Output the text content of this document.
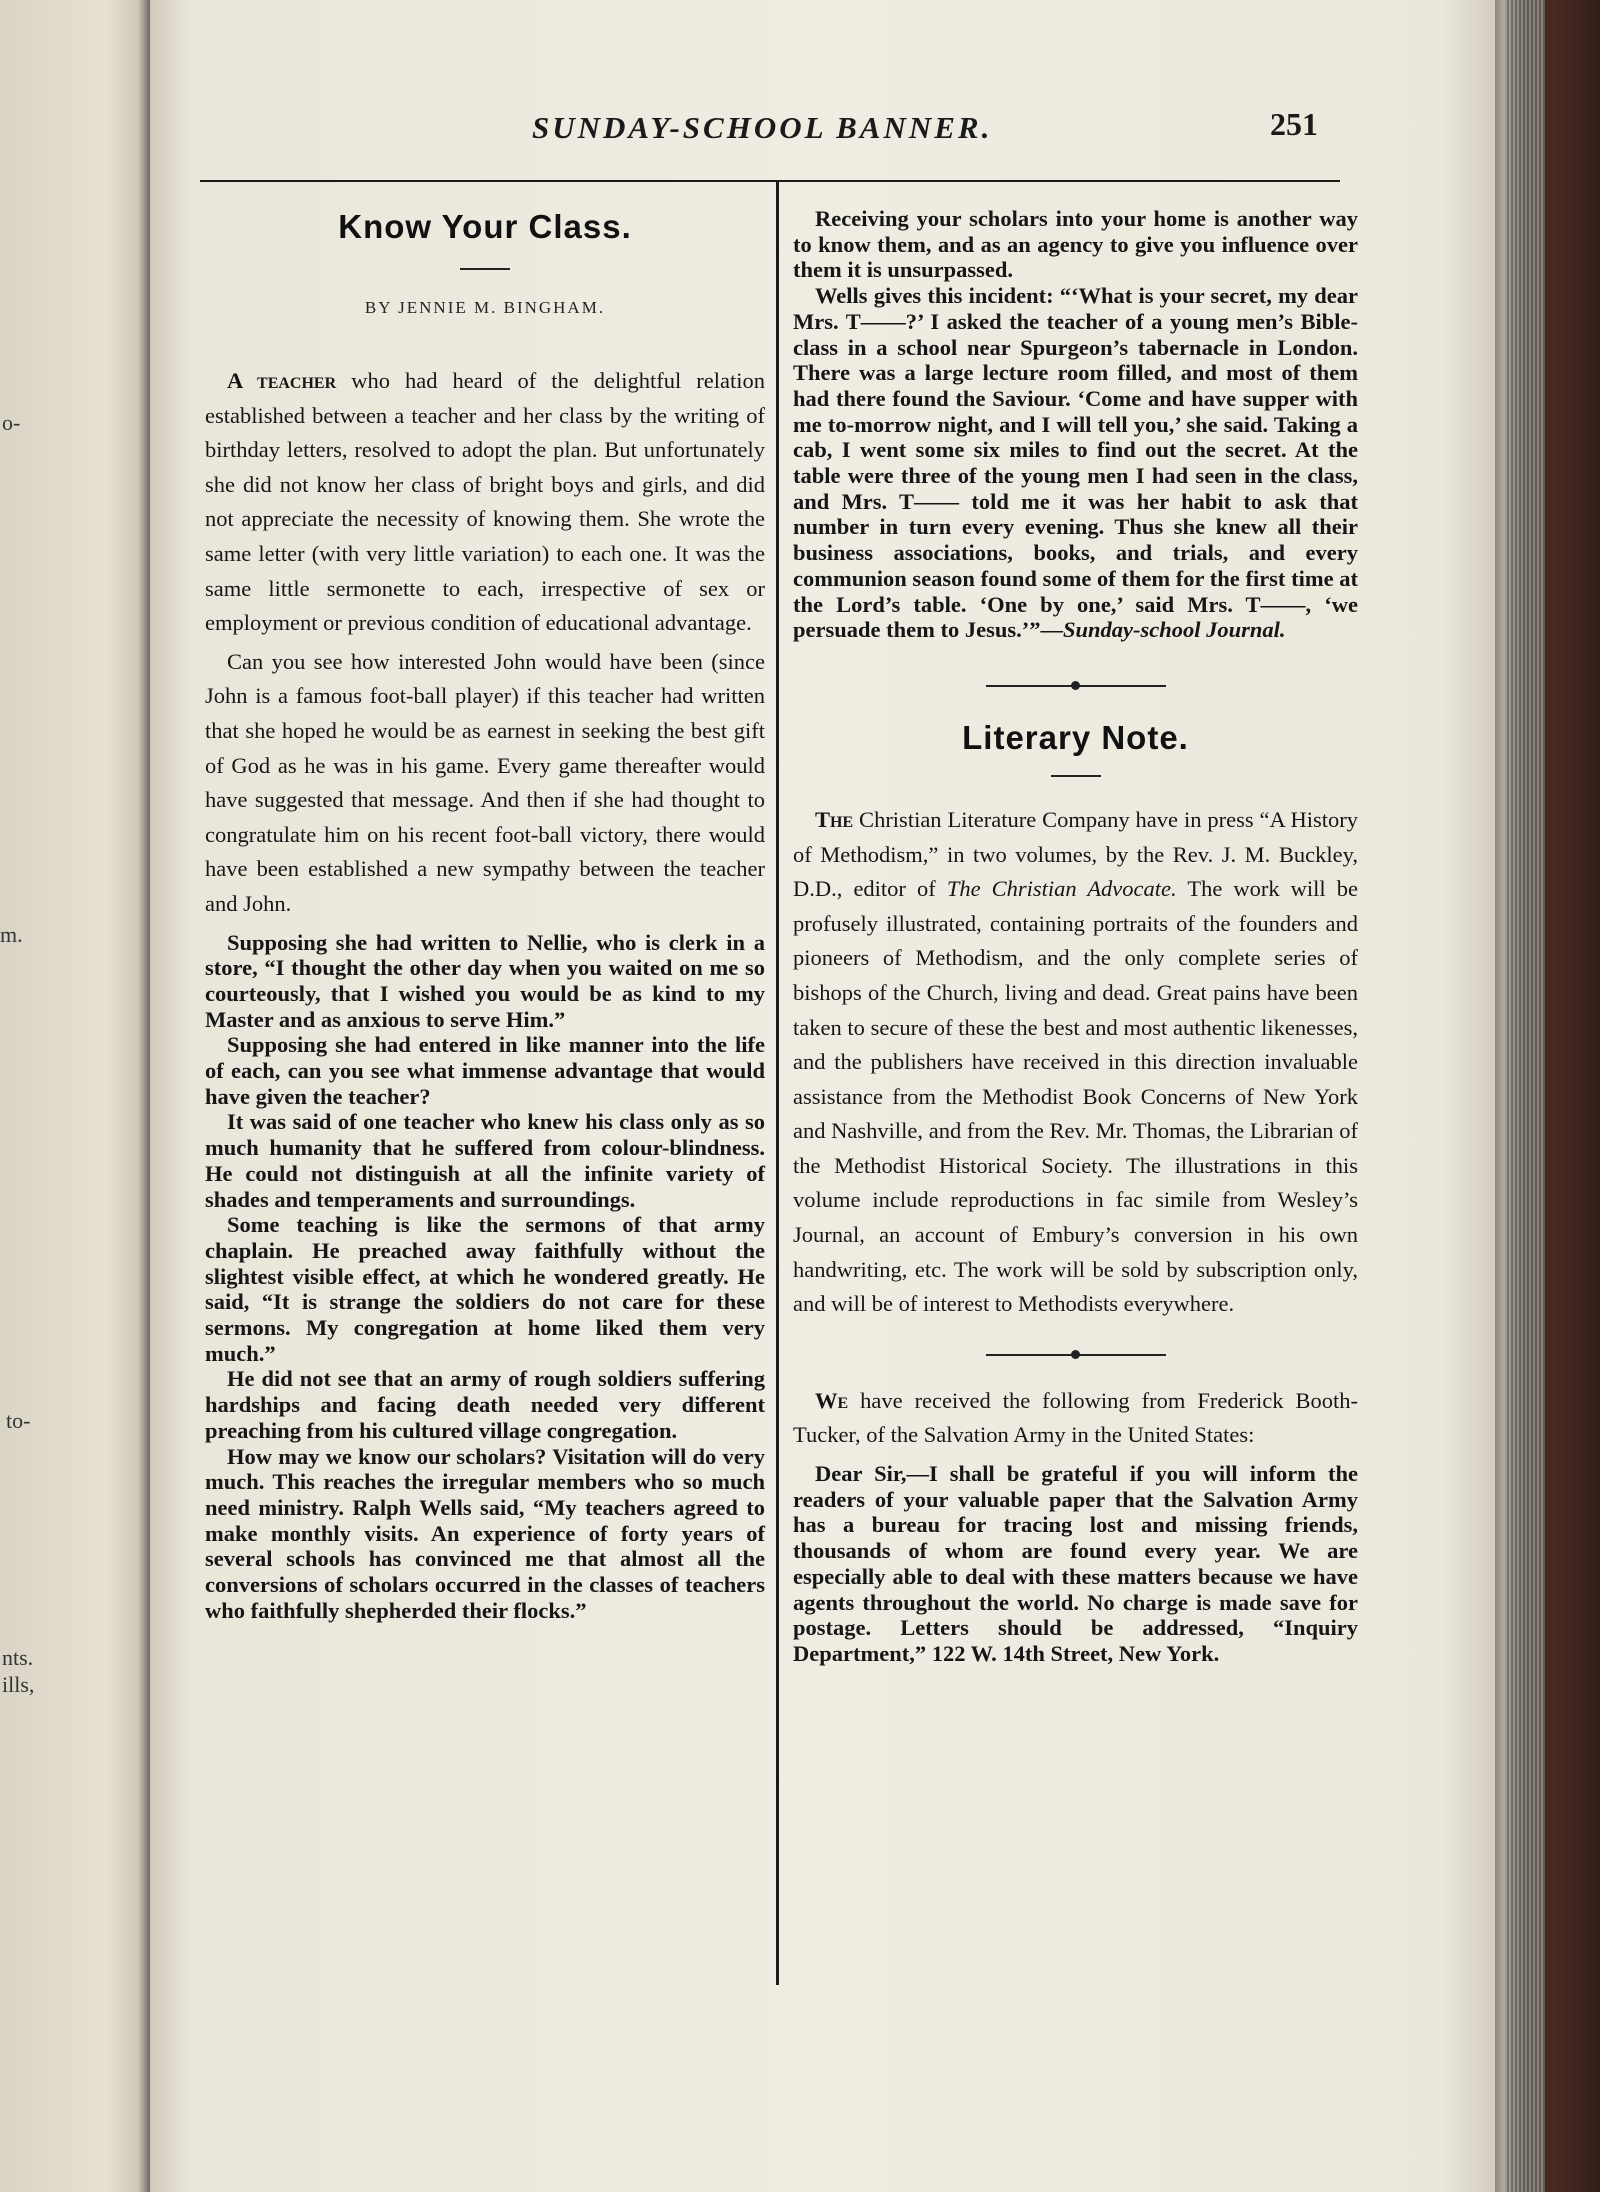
o-
m.
to-
nts.
ills,
SUNDAY-SCHOOL BANNER.	251
Know Your Class.
BY JENNIE M. BINGHAM.

A teacher who had heard of the delightful relation established between a teacher and her class by the writing of birthday letters, resolved to adopt the plan. But unfortunately she did not know her class of bright boys and girls, and did not appreciate the necessity of knowing them. She wrote the same letter (with very little variation) to each one. It was the same little sermonette to each, irrespective of sex or employment or previous condition of educational advantage.

Can you see how interested John would have been (since John is a famous foot-ball player) if this teacher had written that she hoped he would be as earnest in seeking the best gift of God as he was in his game. Every game thereafter would have suggested that message. And then if she had thought to congratulate him on his recent foot-ball victory, there would have been established a new sympathy between the teacher and John.

Supposing she had written to Nellie, who is clerk in a store, “I thought the other day when you waited on me so courteously, that I wished you would be as kind to my Master and as anxious to serve Him.”

Supposing she had entered in like manner into the life of each, can you see what immense advantage that would have given the teacher?

It was said of one teacher who knew his class only as so much humanity that he suffered from colour-blindness. He could not distinguish at all the infinite variety of shades and temperaments and surroundings.

Some teaching is like the sermons of that army chaplain. He preached away faithfully without the slightest visible effect, at which he wondered greatly. He said, “It is strange the soldiers do not care for these sermons. My congregation at home liked them very much.”

He did not see that an army of rough soldiers suffering hardships and facing death needed very different preaching from his cultured village congregation.

How may we know our scholars? Visitation will do very much. This reaches the irregular members who so much need ministry. Ralph Wells said, “My teachers agreed to make monthly visits. An experience of forty years of several schools has convinced me that almost all the conversions of scholars occurred in the classes of teachers who faithfully shepherded their flocks.”

Receiving your scholars into your home is another way to know them, and as an agency to give you influence over them it is unsurpassed.

Wells gives this incident: “‘What is your secret, my dear Mrs. T——?’ I asked the teacher of a young men’s Bible-class in a school near Spurgeon’s tabernacle in London. There was a large lecture room filled, and most of them had there found the Saviour. ‘Come and have supper with me to-morrow night, and I will tell you,’ she said. Taking a cab, I went some six miles to find out the secret. At the table were three of the young men I had seen in the class, and Mrs. T—— told me it was her habit to ask that number in turn every evening. Thus she knew all their business associations, books, and trials, and every communion season found some of them for the first time at the Lord’s table. ‘One by one,’ said Mrs. T——, ‘we persuade them to Jesus.’”—Sunday-school Journal.

Literary Note.

The Christian Literature Company have in press “A History of Methodism,” in two volumes, by the Rev. J. M. Buckley, D.D., editor of The Christian Advocate. The work will be profusely illustrated, containing portraits of the founders and pioneers of Methodism, and the only complete series of bishops of the Church, living and dead. Great pains have been taken to secure of these the best and most authentic likenesses, and the publishers have received in this direction invaluable assistance from the Methodist Book Concerns of New York and Nashville, and from the Rev. Mr. Thomas, the Librarian of the Methodist Historical Society. The illustrations in this volume include reproductions in fac simile from Wesley’s Journal, an account of Embury’s conversion in his own handwriting, etc. The work will be sold by subscription only, and will be of interest to Methodists everywhere.

We have received the following from Frederick Booth-Tucker, of the Salvation Army in the United States:

Dear Sir,—I shall be grateful if you will inform the readers of your valuable paper that the Salvation Army has a bureau for tracing lost and missing friends, thousands of whom are found every year. We are especially able to deal with these matters because we have agents throughout the world. No charge is made save for postage. Letters should be addressed, “Inquiry Department,” 122 W. 14th Street, New York.
